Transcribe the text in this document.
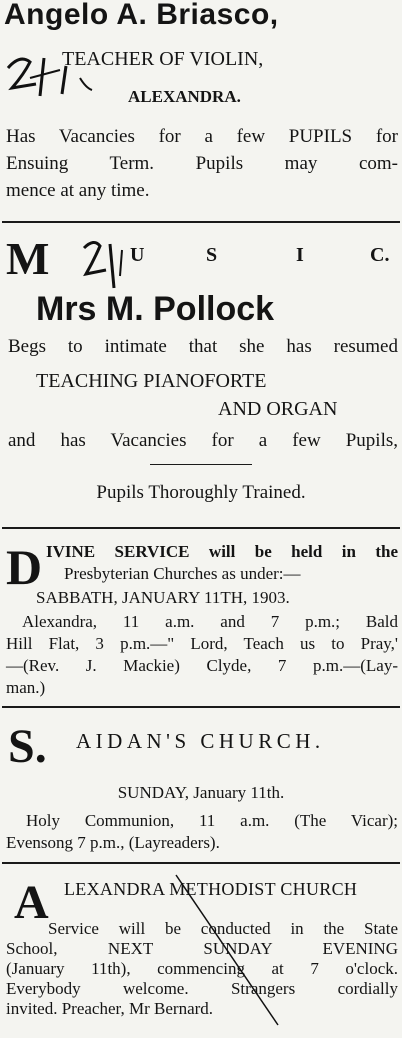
Angelo A. Briasco,
TEACHER OF VIOLIN,
ALEXANDRA.
Has Vacancies for a few PUPILS for
Ensuing Term. Pupils may com-
mence at any time.
M	U	S	I	C.
Mrs M. Pollock
Begs to intimate that she has resumed
TEACHING PIANOFORTE
AND ORGAN
and has Vacancies for a few Pupils,
Pupils Thoroughly Trained.
D IVINE SERVICE will be held in the
Presbyterian Churches as under:—
SABBATH, JANUARY 11TH, 1903.
Alexandra, 11 a.m. and 7 p.m.; Bald
Hill Flat, 3 p.m.—" Lord, Teach us to Pray,'
—(Rev. J. Mackie) Clyde, 7 p.m.—(Lay-
man.)
S. AIDAN'S CHURCH.
SUNDAY, January 11th.
Holy Communion, 11 a.m. (The Vicar);
Evensong 7 p.m., (Layreaders).
A LEXANDRA METHODIST CHURCH
Service will be conducted in the State
School, NEXT SUNDAY EVENING
(January 11th), commencing at 7 o'clock.
Everybody welcome. Strangers cordially
invited. Preacher, Mr Bernard.
